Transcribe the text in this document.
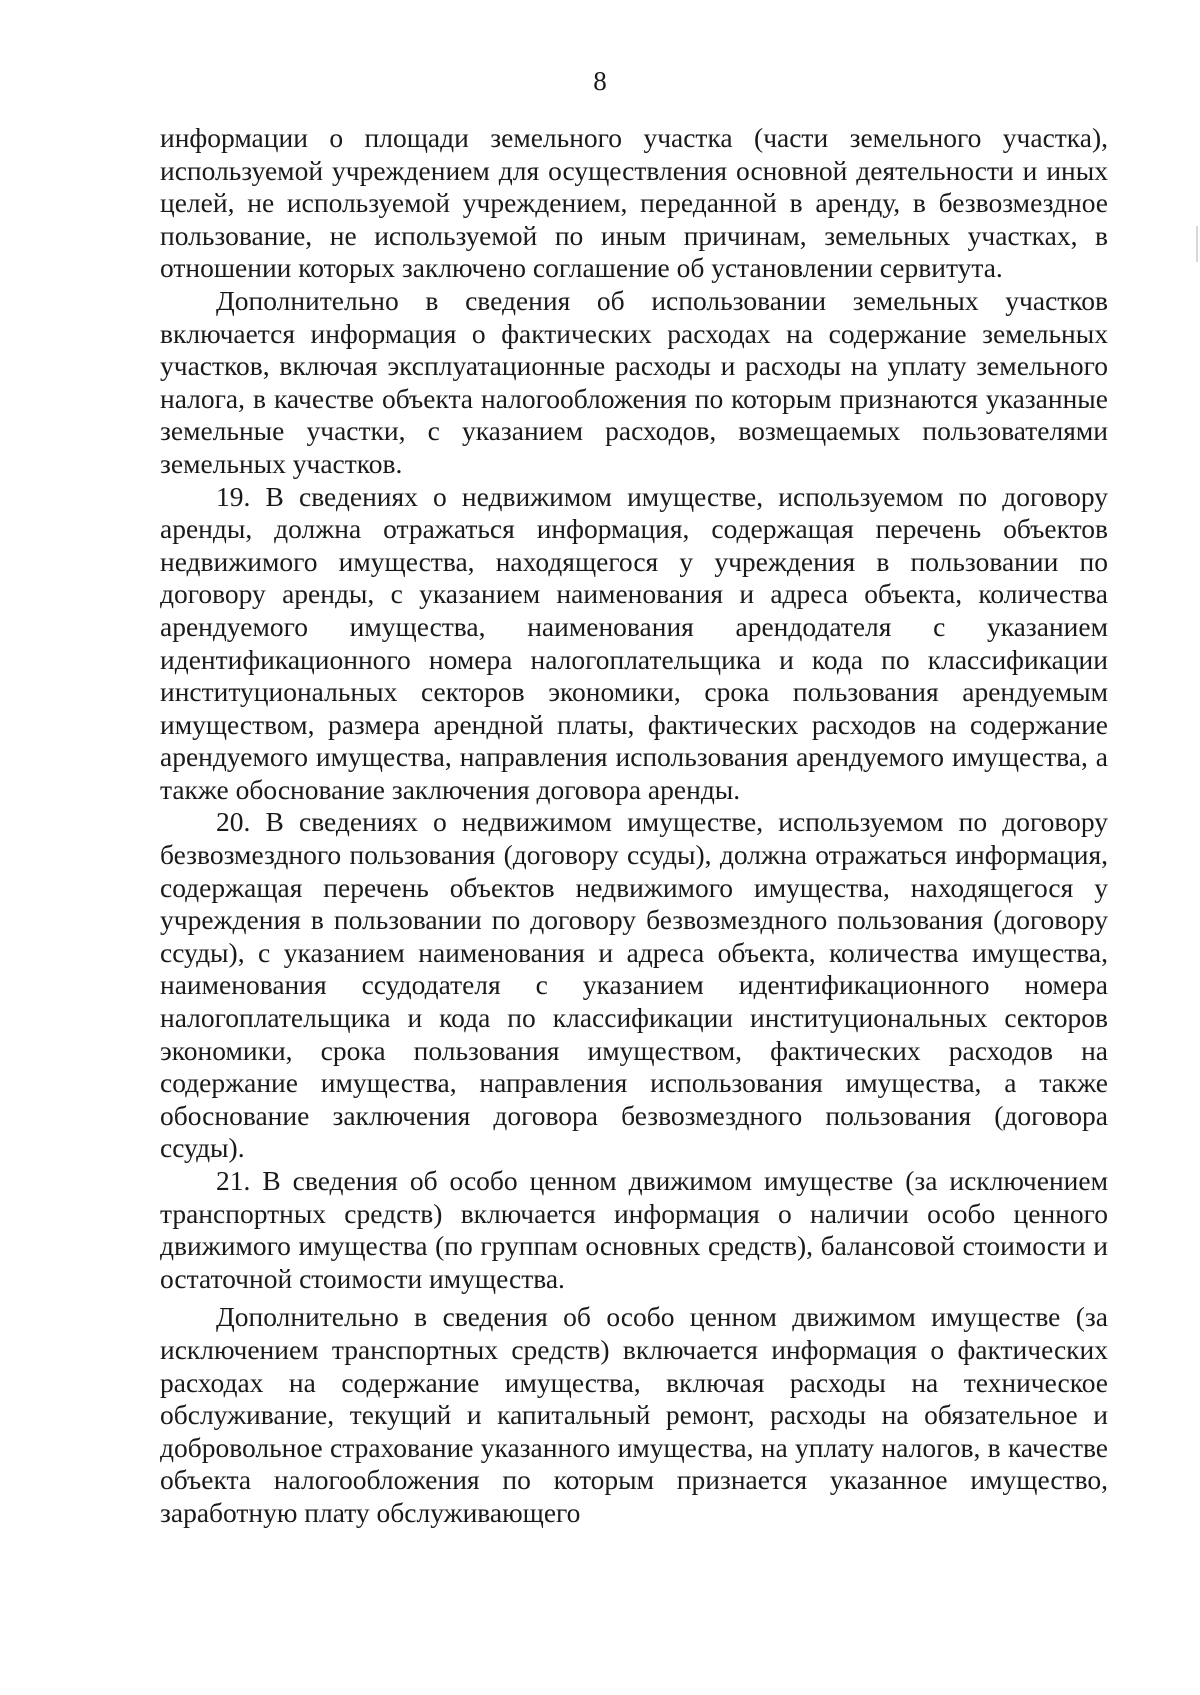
8

информации о площади земельного участка (части земельного участка), используемой учреждением для осуществления основной деятельности и иных целей, не используемой учреждением, переданной в аренду, в безвозмездное пользование, не используемой по иным причинам, земельных участках, в отношении которых заключено соглашение об установлении сервитута.

Дополнительно в сведения об использовании земельных участков включается информация о фактических расходах на содержание земельных участков, включая эксплуатационные расходы и расходы на уплату земельного налога, в качестве объекта налогообложения по которым признаются указанные земельные участки, с указанием расходов, возмещаемых пользователями земельных участков.

19. В сведениях о недвижимом имуществе, используемом по договору аренды, должна отражаться информация, содержащая перечень объектов недвижимого имущества, находящегося у учреждения в пользовании по договору аренды, с указанием наименования и адреса объекта, количества арендуемого имущества, наименования арендодателя с указанием идентификационного номера налогоплательщика и кода по классификации институциональных секторов экономики, срока пользования арендуемым имуществом, размера арендной платы, фактических расходов на содержание арендуемого имущества, направления использования арендуемого имущества, а также обоснование заключения договора аренды.

20. В сведениях о недвижимом имуществе, используемом по договору безвозмездного пользования (договору ссуды), должна отражаться информация, содержащая перечень объектов недвижимого имущества, находящегося у учреждения в пользовании по договору безвозмездного пользования (договору ссуды), с указанием наименования и адреса объекта, количества имущества, наименования ссудодателя с указанием идентификационного номера налогоплательщика и кода по классификации институциональных секторов экономики, срока пользования имуществом, фактических расходов на содержание имущества, направления использования имущества, а также обоснование заключения договора безвозмездного пользования (договора ссуды).

21. В сведения об особо ценном движимом имуществе (за исключением транспортных средств) включается информация о наличии особо ценного движимого имущества (по группам основных средств), балансовой стоимости и остаточной стоимости имущества.

Дополнительно в сведения об особо ценном движимом имуществе (за исключением транспортных средств) включается информация о фактических расходах на содержание имущества, включая расходы на техническое обслуживание, текущий и капитальный ремонт, расходы на обязательное и добровольное страхование указанного имущества, на уплату налогов, в качестве объекта налогообложения по которым признается указанное имущество, заработную плату обслуживающего
